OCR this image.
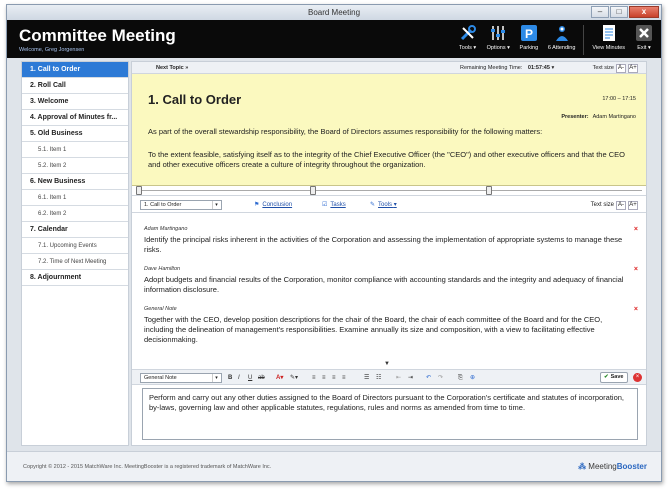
Board Meeting	–	□	x
Committee Meeting
Welcome, Greg Jorgensen	Tools ▾	Options ▾
P
Parking	6 Attending	View Minutes	Exit ▾
1. Call to Order
2. Roll Call
3. Welcome
4. Approval of Minutes fr...
5. Old Business
5.1. Item 1
5.2. Item 2
6. New Business
6.1. Item 1
6.2. Item 2
7. Calendar
7.1. Upcoming Events
7.2. Time of Next Meeting
8. Adjournment
Next Topic »	Remaining Meeting Time: 01:57:45 ▾	Text size A- A+
1. Call to Order	17:00 – 17:15
Presenter: Adam Martingano
As part of the overall stewardship responsibility, the Board of Directors assumes responsibility for the following matters:
To the extent feasible, satisfying itself as to the integrity of the Chief Executive Officer (the "CEO") and other executive officers and that the CEO and other executive officers create a culture of integrity throughout the organization.
1. Call to Order	▾	⚑ Conclusion	☑ Tasks	✎ Tools ▾	Text size A- A+
Adam Martingano
Identify the principal risks inherent in the activities of the Corporation and assessing the implementation of appropriate systems to manage these risks.
×
Dave Hamilton
Adopt budgets and financial results of the Corporation, monitor compliance with accounting standards and the integrity and adequacy of financial information disclosure.
×
General Note
Together with the CEO, develop position descriptions for the chair of the Board, the chair of each committee of the Board and for the CEO, including the delineation of management's responsibilities. Examine annually its size and composition, with a view to facilitating effective decisionmaking.
×
▼
General Note	▾	B I U ab A▾ ✎▾ ≡ ≡ ≡ ≡	☰ ☷ ⇤ ⇥ ↶ ↷ ⎘ ⊕	✔ Save	×
Perform and carry out any other duties assigned to the Board of Directors pursuant to the Corporation's certificate and statutes of incorporation, by-laws, governing law and other applicable statutes, regulations, rules and norms as amended from time to time.
Copyright © 2012 - 2015 MatchWare Inc. MeetingBooster is a registered trademark of MatchWare Inc.	⁂ MeetingBooster
